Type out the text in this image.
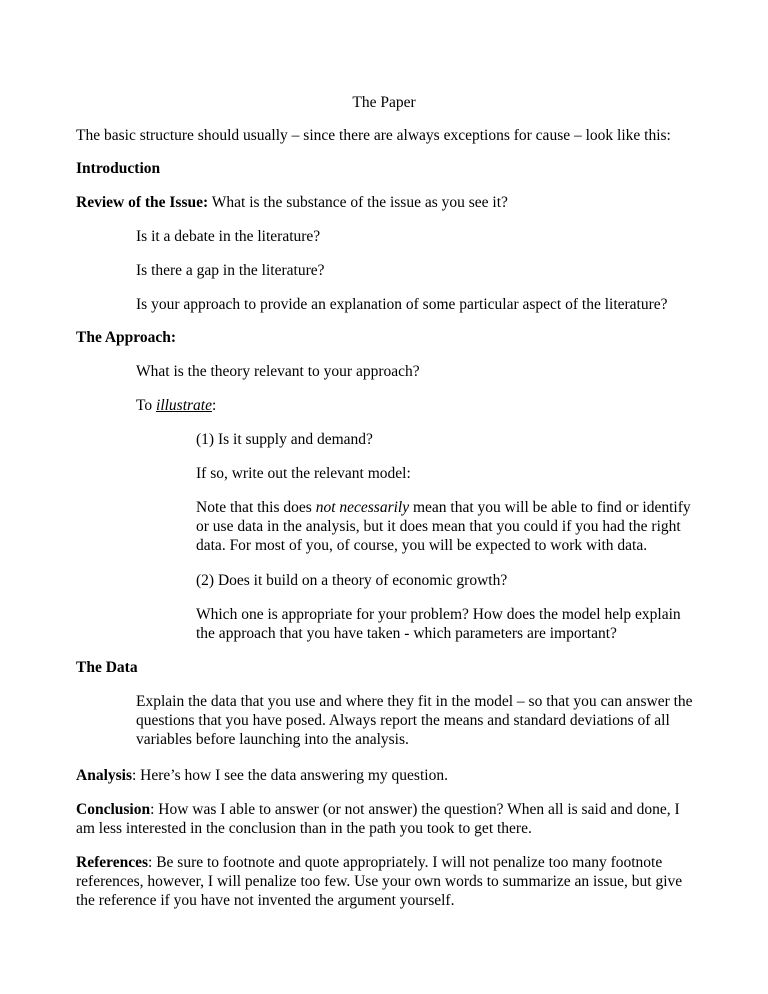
The Paper

The basic structure should usually – since there are always exceptions for cause – look like this:

Introduction

Review of the Issue: What is the substance of the issue as you see it?

Is it a debate in the literature?

Is there a gap in the literature?

Is your approach to provide an explanation of some particular aspect of the literature?

The Approach:

What is the theory relevant to your approach?

To illustrate:

(1) Is it supply and demand?

If so, write out the relevant model:

Note that this does not necessarily mean that you will be able to find or identify or use data in the analysis, but it does mean that you could if you had the right data. For most of you, of course, you will be expected to work with data.

(2) Does it build on a theory of economic growth?

Which one is appropriate for your problem? How does the model help explain the approach that you have taken - which parameters are important?

The Data

Explain the data that you use and where they fit in the model – so that you can answer the questions that you have posed. Always report the means and standard deviations of all variables before launching into the analysis.

Analysis: Here’s how I see the data answering my question.

Conclusion: How was I able to answer (or not answer) the question? When all is said and done, I am less interested in the conclusion than in the path you took to get there.

References: Be sure to footnote and quote appropriately. I will not penalize too many footnote references, however, I will penalize too few. Use your own words to summarize an issue, but give the reference if you have not invented the argument yourself.
